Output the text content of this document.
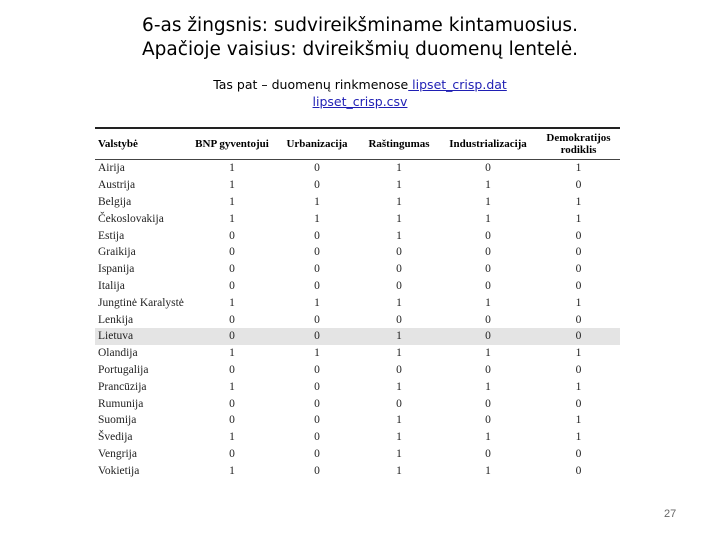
6-as žingsnis: sudvireikšminame kintamuosius.
Apačioje vaisius: dvireikšmių duomenų lentelė.
Tas pat – duomenų rinkmenose lipset_crisp.dat
lipset_crisp.csv
Valstybė	BNP gyventojui	Urbanizacija	Raštingumas	Industrializacija	Demokratijos rodiklis
Airija	1	0	1	0	1
Austrija	1	0	1	1	0
Belgija	1	1	1	1	1
Čekoslovakija	1	1	1	1	1
Estija	0	0	1	0	0
Graikija	0	0	0	0	0
Ispanija	0	0	0	0	0
Italija	0	0	0	0	0
Jungtinė Karalystė	1	1	1	1	1
Lenkija	0	0	0	0	0
Lietuva	0	0	1	0	0
Olandija	1	1	1	1	1
Portugalija	0	0	0	0	0
Prancūzija	1	0	1	1	1
Rumunija	0	0	0	0	0
Suomija	0	0	1	0	1
Švedija	1	0	1	1	1
Vengrija	0	0	1	0	0
Vokietija	1	0	1	1	0
27
